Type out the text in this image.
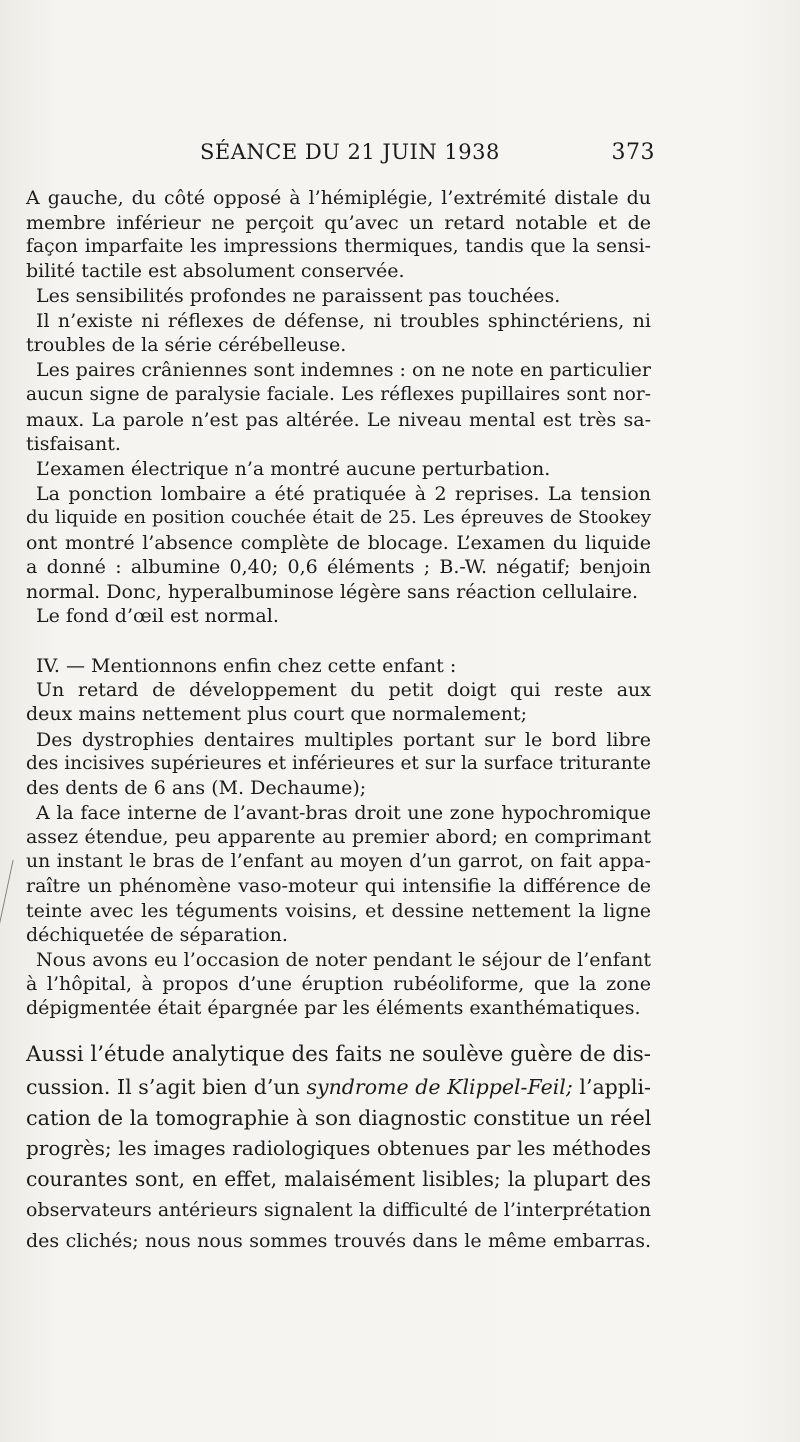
SÉANCE DU 21 JUIN 1938	373
A gauche, du côté opposé à l’hémiplégie, l’extrémité distale du
membre inférieur ne perçoit qu’avec un retard notable et de
façon imparfaite les impressions thermiques, tandis que la sensi-
bilité tactile est absolument conservée.
Les sensibilités profondes ne paraissent pas touchées.
Il n’existe ni réflexes de défense, ni troubles sphinctériens, ni
troubles de la série cérébelleuse.
Les paires crâniennes sont indemnes : on ne note en particulier
aucun signe de paralysie faciale. Les réflexes pupillaires sont nor-
maux. La parole n’est pas altérée. Le niveau mental est très sa-
tisfaisant.
L’examen électrique n’a montré aucune perturbation.
La ponction lombaire a été pratiquée à 2 reprises. La tension
du liquide en position couchée était de 25. Les épreuves de Stookey
ont montré l’absence complète de blocage. L’examen du liquide
a donné : albumine 0,40; 0,6 éléments ; B.-W. négatif; benjoin
normal. Donc, hyperalbuminose légère sans réaction cellulaire.
Le fond d’œil est normal.
IV. — Mentionnons enfin chez cette enfant :
Un retard de développement du petit doigt qui reste aux
deux mains nettement plus court que normalement;
Des dystrophies dentaires multiples portant sur le bord libre
des incisives supérieures et inférieures et sur la surface triturante
des dents de 6 ans (M. Dechaume);
A la face interne de l’avant-bras droit une zone hypochromique
assez étendue, peu apparente au premier abord; en comprimant
un instant le bras de l’enfant au moyen d’un garrot, on fait appa-
raître un phénomène vaso-moteur qui intensifie la différence de
teinte avec les téguments voisins, et dessine nettement la ligne
déchiquetée de séparation.
Nous avons eu l’occasion de noter pendant le séjour de l’enfant
à l’hôpital, à propos d’une éruption rubéoliforme, que la zone
dépigmentée était épargnée par les éléments exanthématiques.
Aussi l’étude analytique des faits ne soulève guère de dis-
cussion. Il s’agit bien d’un syndrome de Klippel-Feil; l’appli-
cation de la tomographie à son diagnostic constitue un réel
progrès; les images radiologiques obtenues par les méthodes
courantes sont, en effet, malaisément lisibles; la plupart des
observateurs antérieurs signalent la difficulté de l’interprétation
des clichés; nous nous sommes trouvés dans le même embarras.
